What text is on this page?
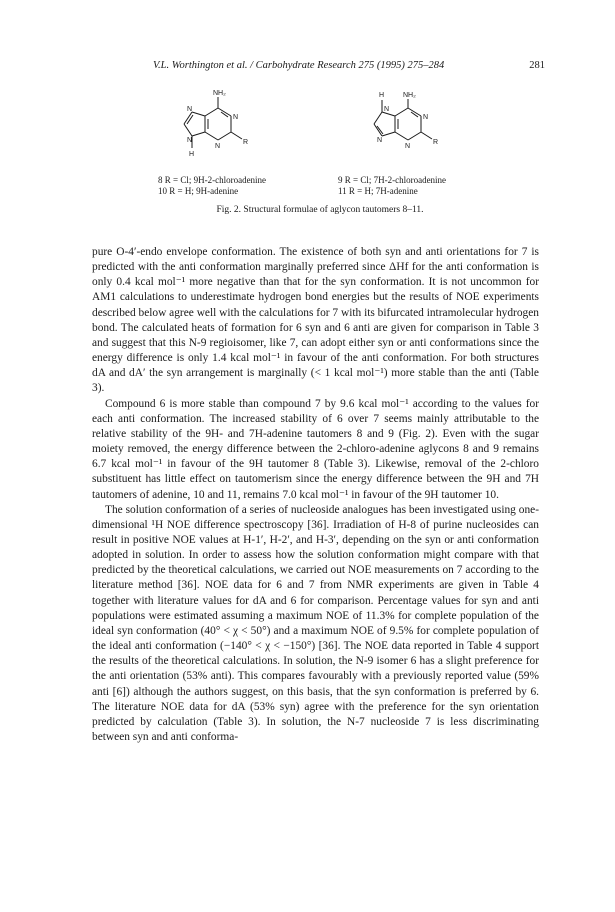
V.L. Worthington et al. / Carbohydrate Research 275 (1995) 275–284	281
NH₂
N
N
N
N	R
H
H	NH₂
N
N
N
N	R
8 R = Cl; 9H-2-chloroadenine
10 R = H; 9H-adenine
9 R = Cl; 7H-2-chloroadenine
11 R = H; 7H-adenine
Fig. 2. Structural formulae of aglycon tautomers 8–11.

pure O-4′-endo envelope conformation. The existence of both syn and anti orientations for 7 is predicted with the anti conformation marginally preferred since ΔHf for the anti conformation is only 0.4 kcal mol⁻¹ more negative than that for the syn conformation. It is not uncommon for AM1 calculations to underestimate hydrogen bond energies but the results of NOE experiments described below agree well with the calculations for 7 with its bifurcated intramolecular hydrogen bond. The calculated heats of formation for 6 syn and 6 anti are given for comparison in Table 3 and suggest that this N-9 regioisomer, like 7, can adopt either syn or anti conformations since the energy difference is only 1.4 kcal mol⁻¹ in favour of the anti conformation. For both structures dA and dA′ the syn arrangement is marginally (< 1 kcal mol⁻¹) more stable than the anti (Table 3).

Compound 6 is more stable than compound 7 by 9.6 kcal mol⁻¹ according to the values for each anti conformation. The increased stability of 6 over 7 seems mainly attributable to the relative stability of the 9H- and 7H-adenine tautomers 8 and 9 (Fig. 2). Even with the sugar moiety removed, the energy difference between the 2-chloro-adenine aglycons 8 and 9 remains 6.7 kcal mol⁻¹ in favour of the 9H tautomer 8 (Table 3). Likewise, removal of the 2-chloro substituent has little effect on tautomerism since the energy difference between the 9H and 7H tautomers of adenine, 10 and 11, remains 7.0 kcal mol⁻¹ in favour of the 9H tautomer 10.

The solution conformation of a series of nucleoside analogues has been investigated using one-dimensional ¹H NOE difference spectroscopy [36]. Irradiation of H-8 of purine nucleosides can result in positive NOE values at H-1′, H-2′, and H-3′, depending on the syn or anti conformation adopted in solution. In order to assess how the solution conformation might compare with that predicted by the theoretical calculations, we carried out NOE measurements on 7 according to the literature method [36]. NOE data for 6 and 7 from NMR experiments are given in Table 4 together with literature values for dA and 6 for comparison. Percentage values for syn and anti populations were estimated assuming a maximum NOE of 11.3% for complete population of the ideal syn conformation (40° < χ < 50°) and a maximum NOE of 9.5% for complete population of the ideal anti conformation (−140° < χ < −150°) [36]. The NOE data reported in Table 4 support the results of the theoretical calculations. In solution, the N-9 isomer 6 has a slight preference for the anti orientation (53% anti). This compares favourably with a previously reported value (59% anti [6]) although the authors suggest, on this basis, that the syn conformation is preferred by 6. The literature NOE data for dA (53% syn) agree with the preference for the syn orientation predicted by calculation (Table 3). In solution, the N-7 nucleoside 7 is less discriminating between syn and anti conforma-
